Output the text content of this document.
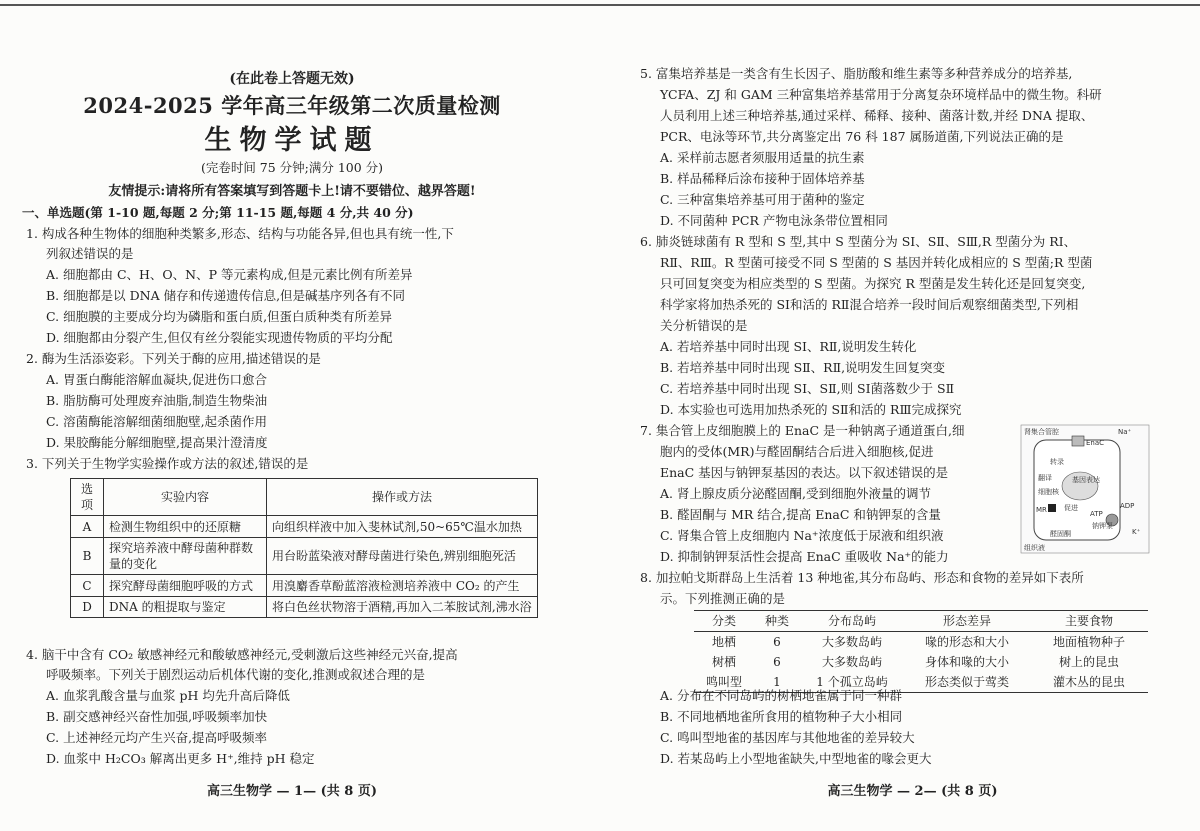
(在此卷上答题无效)
2024-2025 学年高三年级第二次质量检测
生物学试题
(完卷时间 75 分钟;满分 100 分)
友情提示:请将所有答案填写到答题卡上!请不要错位、越界答题!

一、单选题(第 1-10 题,每题 2 分;第 11-15 题,每题 4 分,共 40 分)

1. 构成各种生物体的细胞种类繁多,形态、结构与功能各异,但也具有统一性,下

列叙述错误的是

A. 细胞都由 C、H、O、N、P 等元素构成,但是元素比例有所差异

B. 细胞都是以 DNA 储存和传递遗传信息,但是碱基序列各有不同

C. 细胞膜的主要成分均为磷脂和蛋白质,但蛋白质种类有所差异

D. 细胞都由分裂产生,但仅有丝分裂能实现遗传物质的平均分配

2. 酶为生活添姿彩。下列关于酶的应用,描述错误的是

A. 胃蛋白酶能溶解血凝块,促进伤口愈合

B. 脂肪酶可处理废弃油脂,制造生物柴油

C. 溶菌酶能溶解细菌细胞壁,起杀菌作用

D. 果胶酶能分解细胞壁,提高果汁澄清度

3. 下列关于生物学实验操作或方法的叙述,错误的是

选项	实验内容	操作或方法
A	检测生物组织中的还原糖	向组织样液中加入斐林试剂,50~65℃温水加热
B	探究培养液中酵母菌种群数量的变化	用台盼蓝染液对酵母菌进行染色,辨别细胞死活
C	探究酵母菌细胞呼吸的方式	用溴麝香草酚蓝溶液检测培养液中 CO₂ 的产生
D	DNA 的粗提取与鉴定	将白色丝状物溶于酒精,再加入二苯胺试剂,沸水浴

4. 脑干中含有 CO₂ 敏感神经元和酸敏感神经元,受刺激后这些神经元兴奋,提高

呼吸频率。下列关于剧烈运动后机体代谢的变化,推测或叙述合理的是

A. 血浆乳酸含量与血浆 pH 均先升高后降低

B. 副交感神经兴奋性加强,呼吸频率加快

C. 上述神经元均产生兴奋,提高呼吸频率

D. 血浆中 H₂CO₃ 解离出更多 H⁺,维持 pH 稳定

高三生物学 — 1— (共 8 页)

5. 富集培养基是一类含有生长因子、脂肪酸和维生素等多种营养成分的培养基,

YCFA、ZJ 和 GAM 三种富集培养基常用于分离复杂环境样品中的微生物。科研

人员利用上述三种培养基,通过采样、稀释、接种、菌落计数,并经 DNA 提取、

PCR、电泳等环节,共分离鉴定出 76 科 187 属肠道菌,下列说法正确的是

A. 采样前志愿者须服用适量的抗生素

B. 样品稀释后涂布接种于固体培养基

C. 三种富集培养基可用于菌种的鉴定

D. 不同菌种 PCR 产物电泳条带位置相同

6. 肺炎链球菌有 R 型和 S 型,其中 S 型菌分为 SⅠ、SⅡ、SⅢ,R 型菌分为 RⅠ、

RⅡ、RⅢ。R 型菌可接受不同 S 型菌的 S 基因并转化成相应的 S 型菌;R 型菌

只可回复突变为相应类型的 S 型菌。为探究 R 型菌是发生转化还是回复突变,

科学家将加热杀死的 SⅠ和活的 RⅡ混合培养一段时间后观察细菌类型,下列相

关分析错误的是

A. 若培养基中同时出现 SⅠ、RⅡ,说明发生转化

B. 若培养基中同时出现 SⅡ、RⅡ,说明发生回复突变

C. 若培养基中同时出现 SⅠ、SⅡ,则 SⅠ菌落数少于 SⅡ

D. 本实验也可选用加热杀死的 SⅡ和活的 RⅢ完成探究

7. 集合管上皮细胞膜上的 EnaC 是一种钠离子通道蛋白,细

胞内的受体(MR)与醛固酮结合后进入细胞核,促进

EnaC 基因与钠钾泵基因的表达。以下叙述错误的是

A. 肾上腺皮质分泌醛固酮,受到细胞外液量的调节

B. 醛固酮与 MR 结合,提高 EnaC 和钠钾泵的含量

C. 肾集合管上皮细胞内 Na⁺浓度低于尿液和组织液

D. 抑制钠钾泵活性会提高 EnaC 重吸收 Na⁺的能力

肾集合管腔	Na⁺
EnaC
基因表达
转录
翻译
细胞核
MR 促进
ATP
ADP
钠钾泵
K⁺
醛固酮
组织液

8. 加拉帕戈斯群岛上生活着 13 种地雀,其分布岛屿、形态和食物的差异如下表所

示。下列推测正确的是

分类	种类	分布岛屿	形态差异	主要食物
地栖	6	大多数岛屿	喙的形态和大小	地面植物种子
树栖	6	大多数岛屿	身体和喙的大小	树上的昆虫
鸣叫型	1	1 个孤立岛屿	形态类似于莺类	灌木丛的昆虫

A. 分布在不同岛屿的树栖地雀属于同一种群

B. 不同地栖地雀所食用的植物种子大小相同

C. 鸣叫型地雀的基因库与其他地雀的差异较大

D. 若某岛屿上小型地雀缺失,中型地雀的喙会更大

高三生物学 — 2— (共 8 页)
